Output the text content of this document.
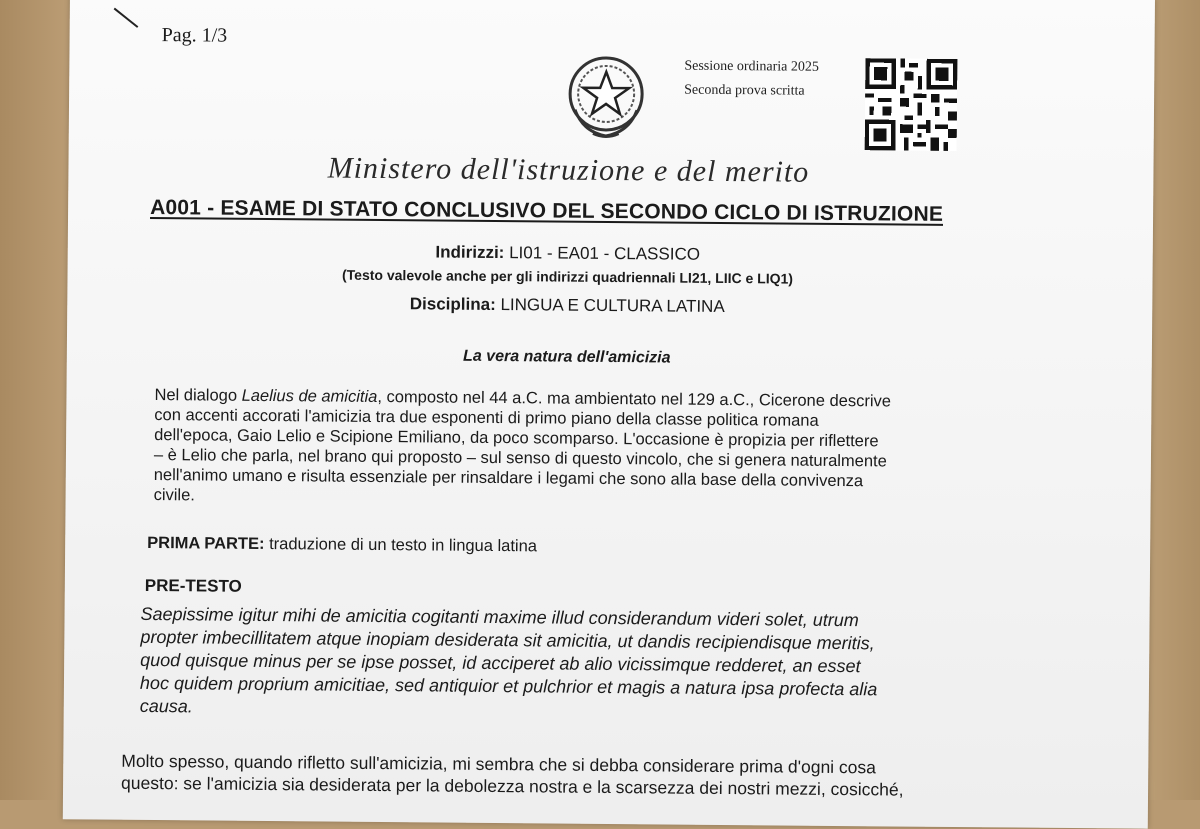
Pag. 1/3
Sessione ordinaria 2025
Seconda prova scritta
Ministero dell'istruzione e del merito
A001 - ESAME DI STATO CONCLUSIVO DEL SECONDO CICLO DI ISTRUZIONE
Indirizzi: LI01 - EA01 - CLASSICO
(Testo valevole anche per gli indirizzi quadriennali LI21, LIIC e LIQ1)
Disciplina: LINGUA E CULTURA LATINA
La vera natura dell'amicizia
Nel dialogo Laelius de amicitia, composto nel 44 a.C. ma ambientato nel 129 a.C., Cicerone descrive
con accenti accorati l'amicizia tra due esponenti di primo piano della classe politica romana
dell'epoca, Gaio Lelio e Scipione Emiliano, da poco scomparso. L'occasione è propizia per riflettere
– è Lelio che parla, nel brano qui proposto – sul senso di questo vincolo, che si genera naturalmente
nell'animo umano e risulta essenziale per rinsaldare i legami che sono alla base della convivenza
civile.
PRIMA PARTE: traduzione di un testo in lingua latina
PRE-TESTO
Saepissime igitur mihi de amicitia cogitanti maxime illud considerandum videri solet, utrum
propter imbecillitatem atque inopiam desiderata sit amicitia, ut dandis recipiendisque meritis,
quod quisque minus per se ipse posset, id acciperet ab alio vicissimque redderet, an esset
hoc quidem proprium amicitiae, sed antiquior et pulchrior et magis a natura ipsa profecta alia
causa.
Molto spesso, quando rifletto sull'amicizia, mi sembra che si debba considerare prima d'ogni cosa
questo: se l'amicizia sia desiderata per la debolezza nostra e la scarsezza dei nostri mezzi, cosicché,
